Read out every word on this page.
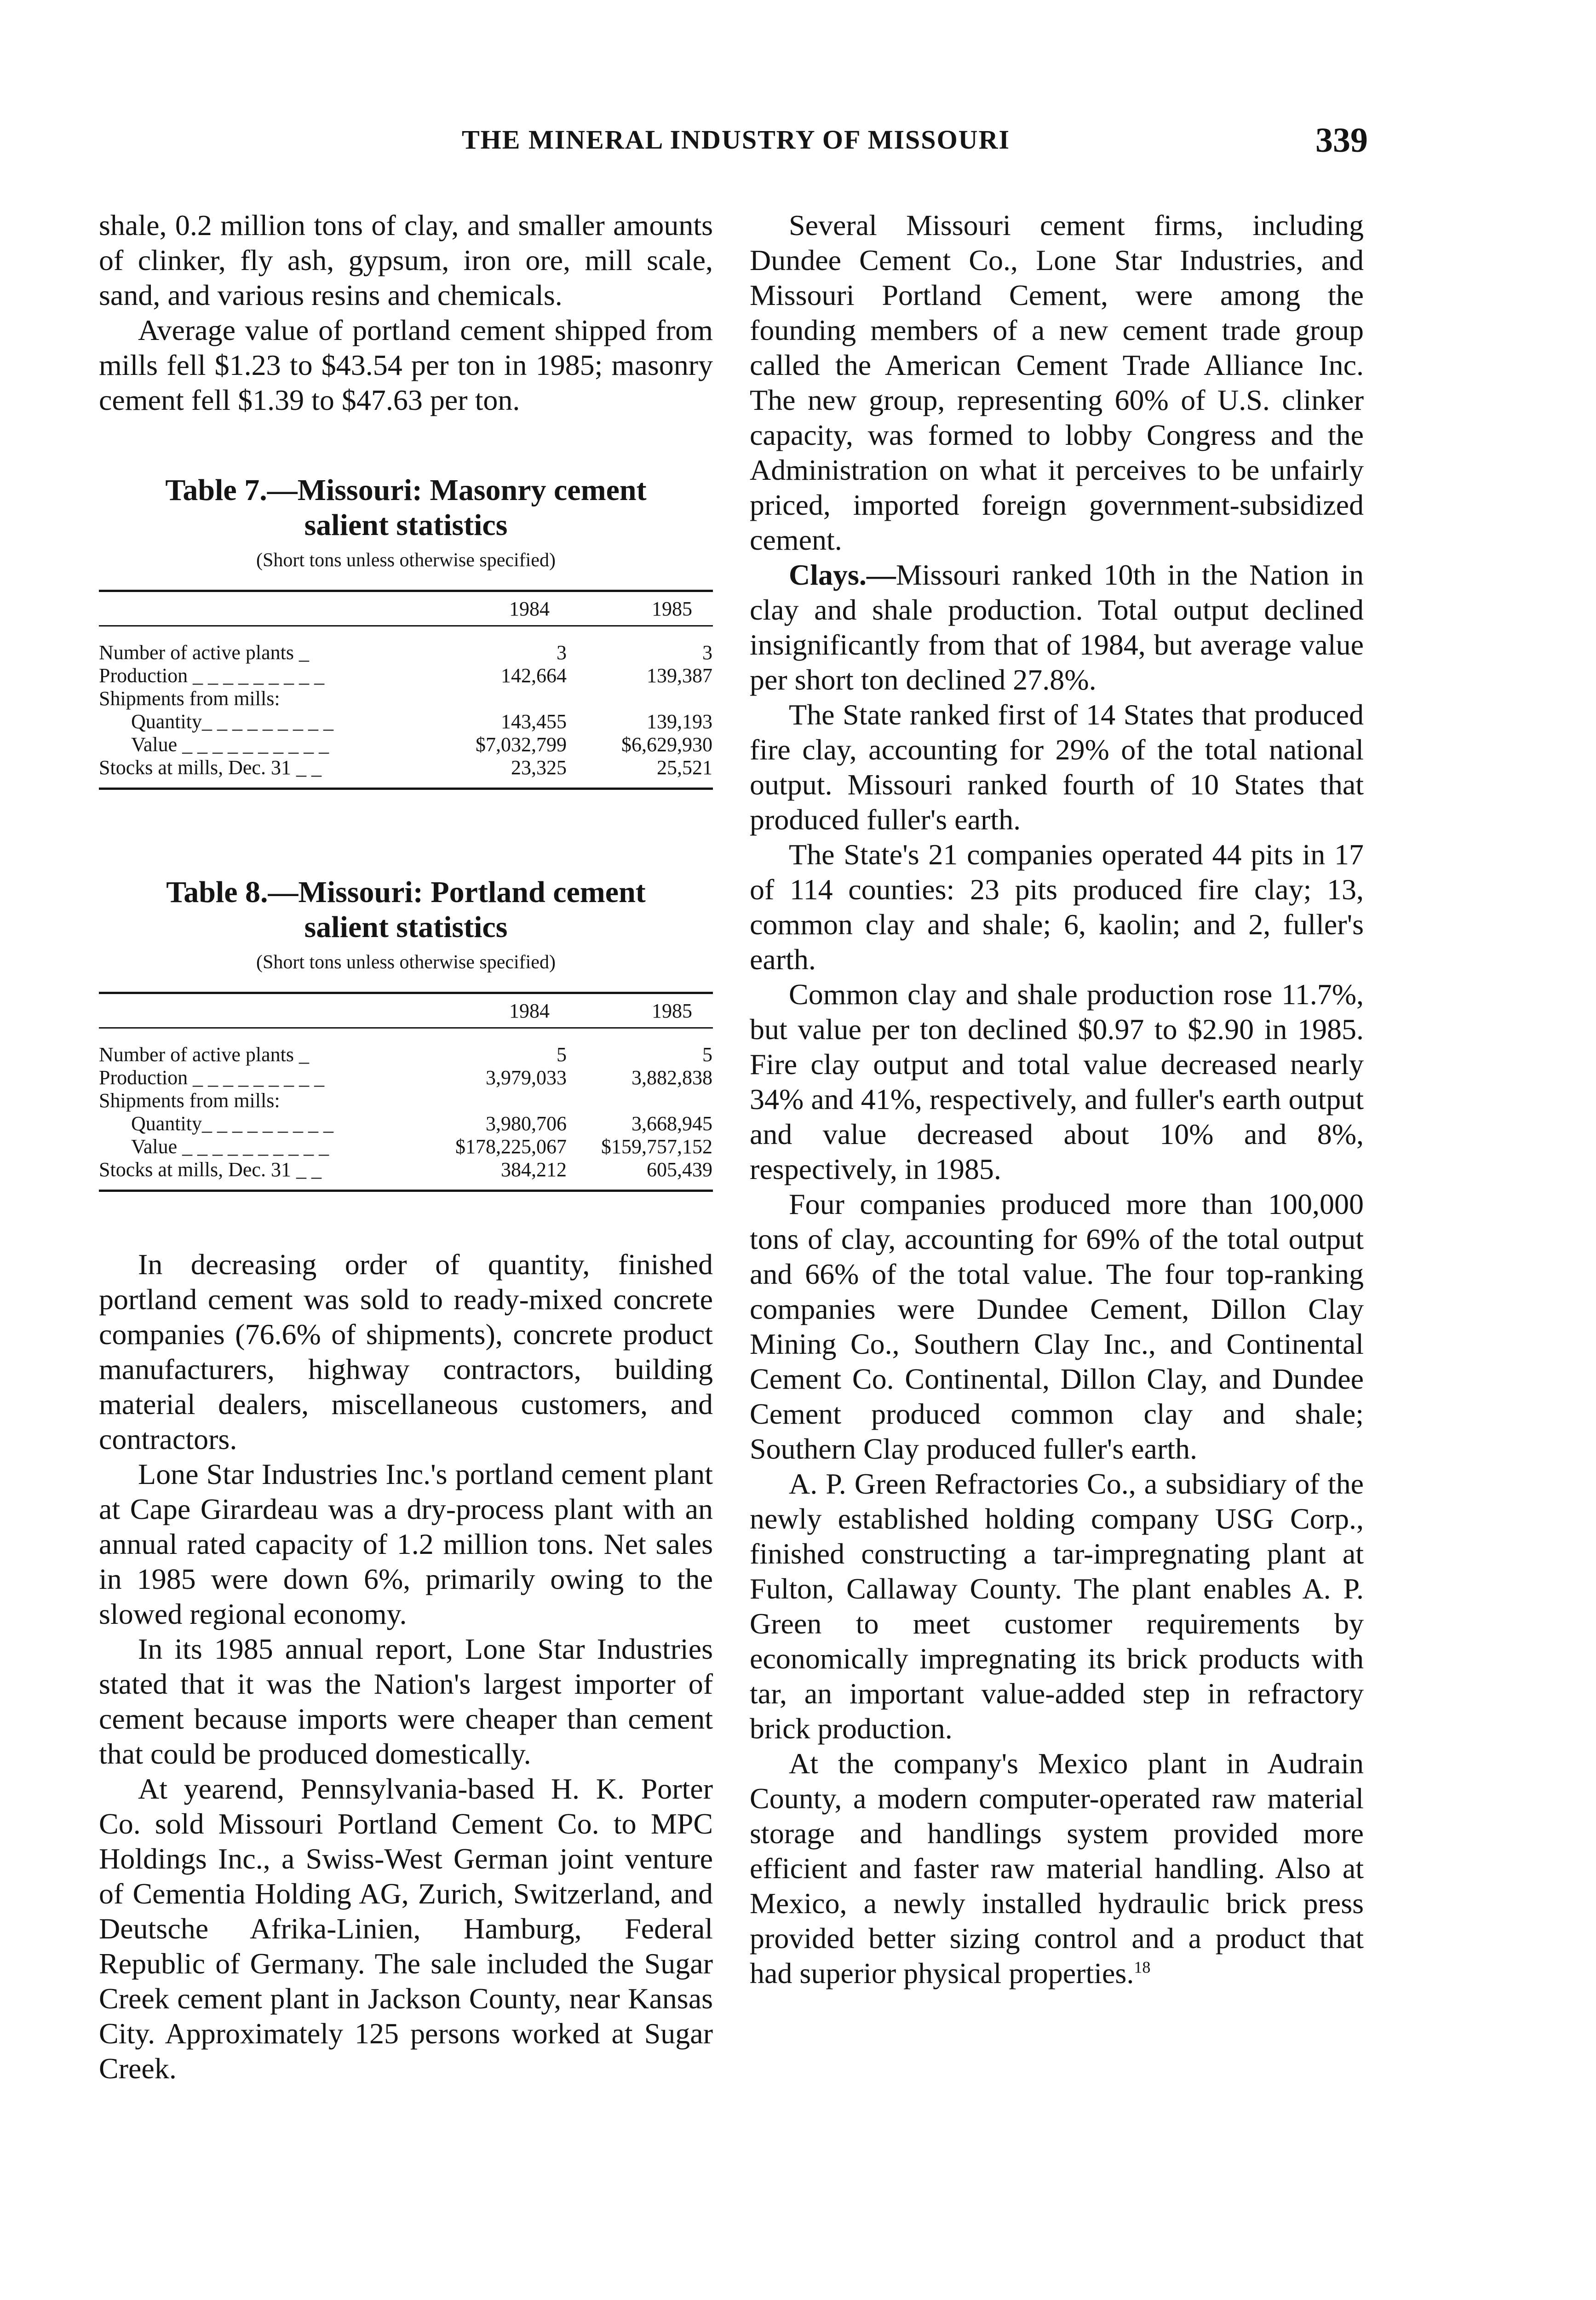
THE MINERAL INDUSTRY OF MISSOURI	339

shale, 0.2 million tons of clay, and smaller amounts of clinker, fly ash, gypsum, iron ore, mill scale, sand, and various resins and chemicals.

Average value of portland cement shipped from mills fell $1.23 to $43.54 per ton in 1985; masonry cement fell $1.39 to $47.63 per ton.

Table 7.—Missouri: Masonry cement
salient statistics
(Short tons unless otherwise specified)
1984	1985
Number of active plants _	3	3
Production _ _ _ _ _ _ _ _ _	142,664	139,387
Shipments from mills:
Quantity_ _ _ _ _ _ _ _ _	143,455	139,193
Value _ _ _ _ _ _ _ _ _ _	$7,032,799	$6,629,930
Stocks at mills, Dec. 31 _ _	23,325	25,521
Table 8.—Missouri: Portland cement
salient statistics
(Short tons unless otherwise specified)
1984	1985
Number of active plants _	5	5
Production _ _ _ _ _ _ _ _ _	3,979,033	3,882,838
Shipments from mills:
Quantity_ _ _ _ _ _ _ _ _	3,980,706	3,668,945
Value _ _ _ _ _ _ _ _ _ _	$178,225,067	$159,757,152
Stocks at mills, Dec. 31 _ _	384,212	605,439

In decreasing order of quantity, finished portland cement was sold to ready-mixed concrete companies (76.6% of shipments), concrete product manufacturers, highway contractors, building material dealers, miscellaneous customers, and contractors.

Lone Star Industries Inc.'s portland cement plant at Cape Girardeau was a dry-process plant with an annual rated capacity of 1.2 million tons. Net sales in 1985 were down 6%, primarily owing to the slowed regional economy.

In its 1985 annual report, Lone Star Industries stated that it was the Nation's largest importer of cement because imports were cheaper than cement that could be produced domestically.

At yearend, Pennsylvania-based H. K. Porter Co. sold Missouri Portland Cement Co. to MPC Holdings Inc., a Swiss-West German joint venture of Cementia Holding AG, Zurich, Switzerland, and Deutsche Afrika-Linien, Hamburg, Federal Republic of Germany. The sale included the Sugar Creek cement plant in Jackson County, near Kansas City. Approximately 125 persons worked at Sugar Creek.

Several Missouri cement firms, including Dundee Cement Co., Lone Star Industries, and Missouri Portland Cement, were among the founding members of a new cement trade group called the American Cement Trade Alliance Inc. The new group, representing 60% of U.S. clinker capacity, was formed to lobby Congress and the Administration on what it perceives to be unfairly priced, imported foreign government-subsidized cement.

Clays.—Missouri ranked 10th in the Nation in clay and shale production. Total output declined insignificantly from that of 1984, but average value per short ton declined 27.8%.

The State ranked first of 14 States that produced fire clay, accounting for 29% of the total national output. Missouri ranked fourth of 10 States that produced fuller's earth.

The State's 21 companies operated 44 pits in 17 of 114 counties: 23 pits produced fire clay; 13, common clay and shale; 6, kaolin; and 2, fuller's earth.

Common clay and shale production rose 11.7%, but value per ton declined $0.97 to $2.90 in 1985. Fire clay output and total value decreased nearly 34% and 41%, respectively, and fuller's earth output and value decreased about 10% and 8%, respectively, in 1985.

Four companies produced more than 100,000 tons of clay, accounting for 69% of the total output and 66% of the total value. The four top-ranking companies were Dundee Cement, Dillon Clay Mining Co., Southern Clay Inc., and Continental Cement Co. Continental, Dillon Clay, and Dundee Cement produced common clay and shale; Southern Clay produced fuller's earth.

A. P. Green Refractories Co., a subsidiary of the newly established holding company USG Corp., finished constructing a tar-impregnating plant at Fulton, Callaway County. The plant enables A. P. Green to meet customer requirements by economically impregnating its brick products with tar, an important value-added step in refractory brick production.

At the company's Mexico plant in Audrain County, a modern computer-operated raw material storage and handlings system provided more efficient and faster raw material handling. Also at Mexico, a newly installed hydraulic brick press provided better sizing control and a product that had superior physical properties.$^{18}$
